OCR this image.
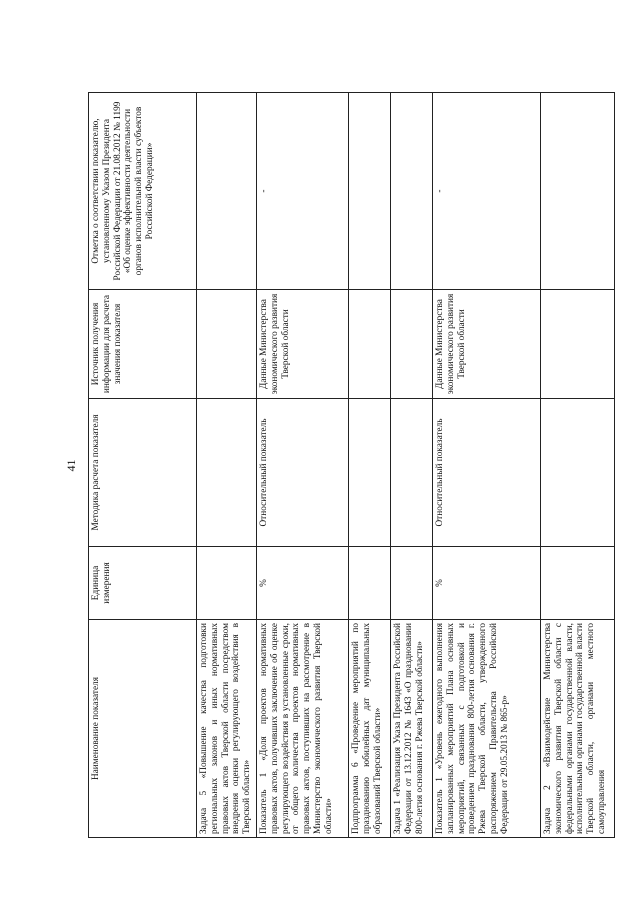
41
Наименование показателя	Единица измерения	Методика расчета показателя	Источник получения информации для расчета значения показателя	Отметка о соответствии показателю, установленному Указом Президента Российской Федерации от 21.08.2012 № 1199 «Об оценке эффективности деятельности органов исполнительной власти субъектов Российской Федерации»
Задача 5 «Повышение качества подготовки региональных законов и иных нормативных правовых актов Тверской области посредством внедрения оценки регулирующего воздействия в Тверской области»				
Показатель 1 «Доля проектов нормативных правовых актов, получивших заключение об оценке регулирующего воздействия в установленные сроки, от общего количества проектов нормативных правовых актов, поступивших на рассмотрение в Министерство экономического развития Тверской области»	%	Относительный показатель	Данные Министерства экономического развития Тверской области	-
Подпрограмма 6 «Проведение мероприятий по празднованию юбилейных дат муниципальных образований Тверской области»				
Задача 1 «Реализация Указа Президента Российской Федерации от 13.12.2012 № 1643 «О праздновании 800-летия основания г. Ржева Тверской области»				
Показатель 1 «Уровень ежегодного выполнения запланированных мероприятий Плана основных мероприятий, связанных с подготовкой и проведением празднования 800-летия основания г. Ржева Тверской области, утвержденного распоряжением Правительства Российской Федерации от 29.05.2013 № 865-р»	%	Относительный показатель	Данные Министерства экономического развития Тверской области	-
Задача 2 «Взаимодействие Министерства экономического развития Тверской области с федеральными органами государственной власти, исполнительными органами государственной власти Тверской области, органами местного самоуправления				
